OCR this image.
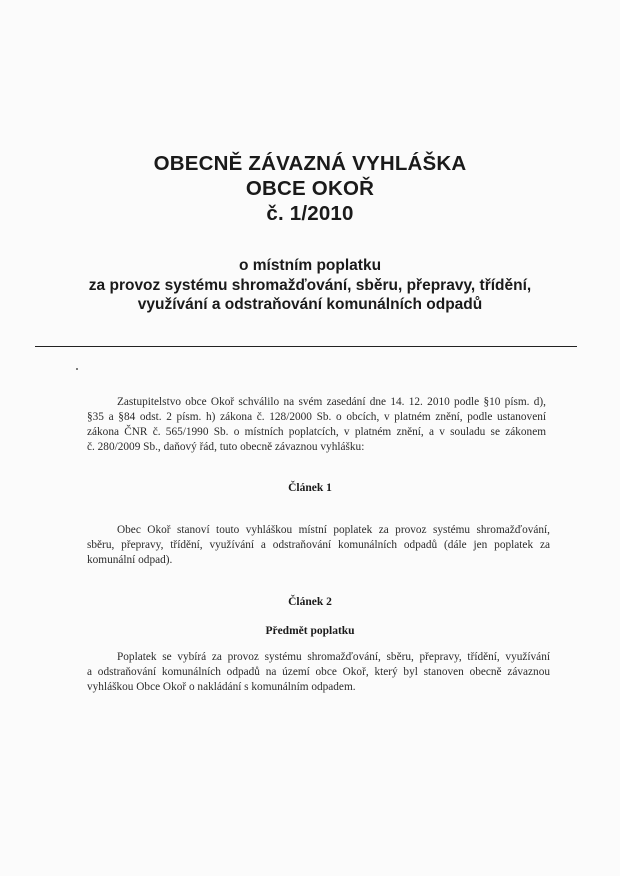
OBECNĚ ZÁVAZNÁ VYHLÁŠKA
OBCE OKOŘ
č. 1/2010
o místním poplatku
za provoz systému shromažďování, sběru, přepravy, třídění,
využívání a odstraňování komunálních odpadů
Zastupitelstvo obce Okoř schválilo na svém zasedání dne 14. 12. 2010 podle §10 písm. d),
§35 a §84 odst. 2 písm. h) zákona č. 128/2000 Sb. o obcích, v platném znění, podle ustanovení
zákona ČNR č. 565/1990 Sb. o místních poplatcích, v platném znění, a v souladu se zákonem
č. 280/2009 Sb., daňový řád, tuto obecně závaznou vyhlášku:
Článek 1
Obec Okoř stanoví touto vyhláškou místní poplatek za provoz systému shromažďování,
sběru, přepravy, třídění, využívání a odstraňování komunálních odpadů (dále jen poplatek za
komunální odpad).
Článek 2
Předmět poplatku
Poplatek se vybírá za provoz systému shromažďování, sběru, přepravy, třídění, využívání
a odstraňování komunálních odpadů na území obce Okoř, který byl stanoven obecně závaznou
vyhláškou Obce Okoř o nakládání s komunálním odpadem.
